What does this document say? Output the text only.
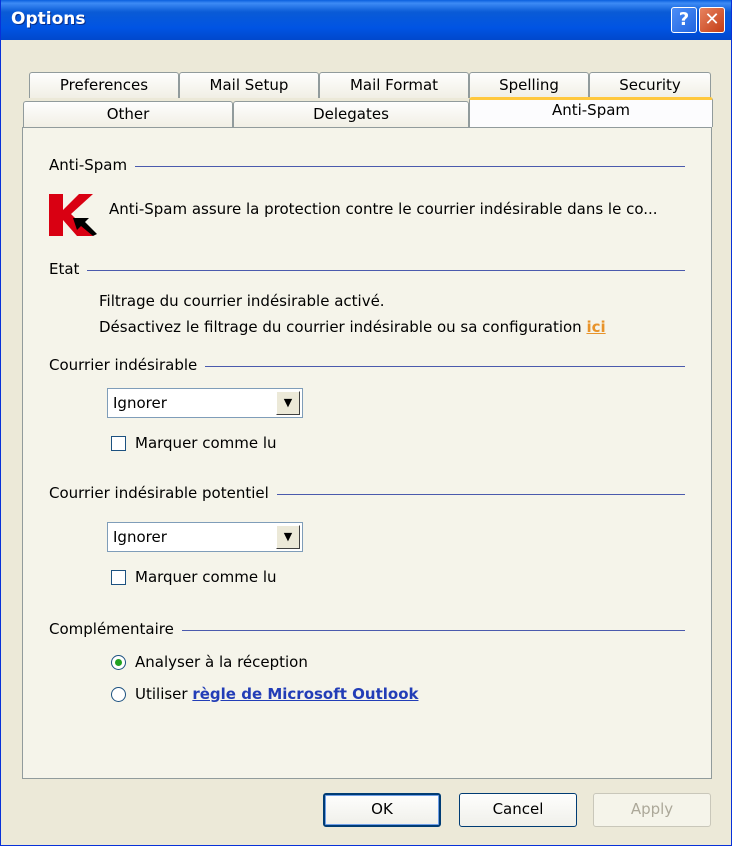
Options	? ✕
Preferences	Mail Setup	Mail Format	Spelling	Security
Other	Delegates	Anti-Spam
Anti-Spam
Anti-Spam assure la protection contre le courrier indésirable dans le co...
Etat
Filtrage du courrier indésirable activé.
Désactivez le filtrage du courrier indésirable ou sa configuration ici
Courrier indésirable
Ignorer	▼
Marquer comme lu
Courrier indésirable potentiel
Ignorer	▼
Marquer comme lu
Complémentaire
Analyser à la réception
Utiliser règle de Microsoft Outlook
OK	Cancel	Apply
